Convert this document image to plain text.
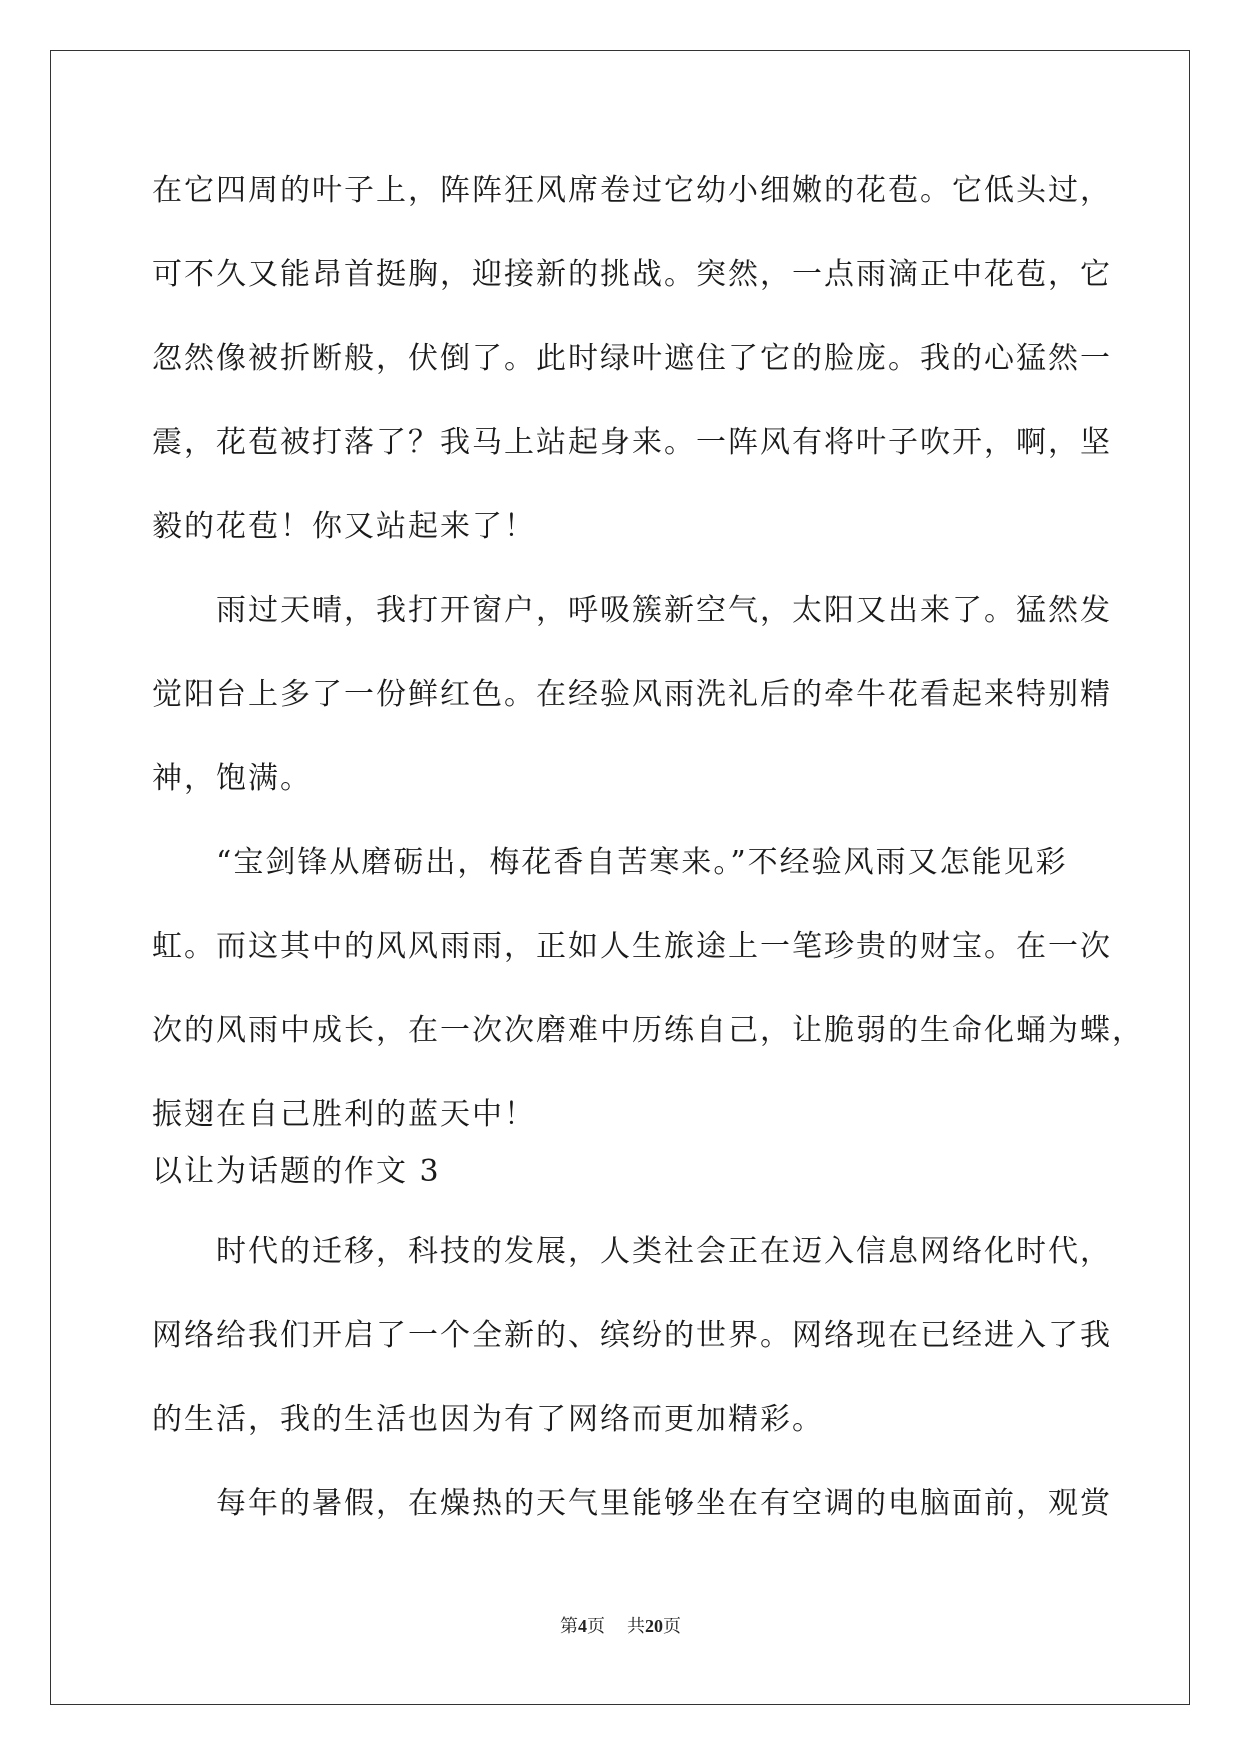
在它四周的叶子上，阵阵狂风席卷过它幼小细嫩的花苞。它低头过，
可不久又能昂首挺胸，迎接新的挑战。突然，一点雨滴正中花苞，它
忽然像被折断般，伏倒了。此时绿叶遮住了它的脸庞。我的心猛然一
震，花苞被打落了？我马上站起身来。一阵风有将叶子吹开，啊，坚
毅的花苞！你又站起来了！
　　雨过天晴，我打开窗户，呼吸簇新空气，太阳又出来了。猛然发
觉阳台上多了一份鲜红色。在经验风雨洗礼后的牵牛花看起来特别精
神，饱满。
　　“宝剑锋从磨砺出，梅花香自苦寒来。”不经验风雨又怎能见彩
虹。而这其中的风风雨雨，正如人生旅途上一笔珍贵的财宝。在一次
次的风雨中成长，在一次次磨难中历练自己，让脆弱的生命化蛹为蝶，
振翅在自己胜利的蓝天中！
以让为话题的作文 3
　　时代的迁移，科技的发展，人类社会正在迈入信息网络化时代，
网络给我们开启了一个全新的、缤纷的世界。网络现在已经进入了我
的生活，我的生活也因为有了网络而更加精彩。
　　每年的暑假，在燥热的天气里能够坐在有空调的电脑面前，观赏
第4页 共20页
